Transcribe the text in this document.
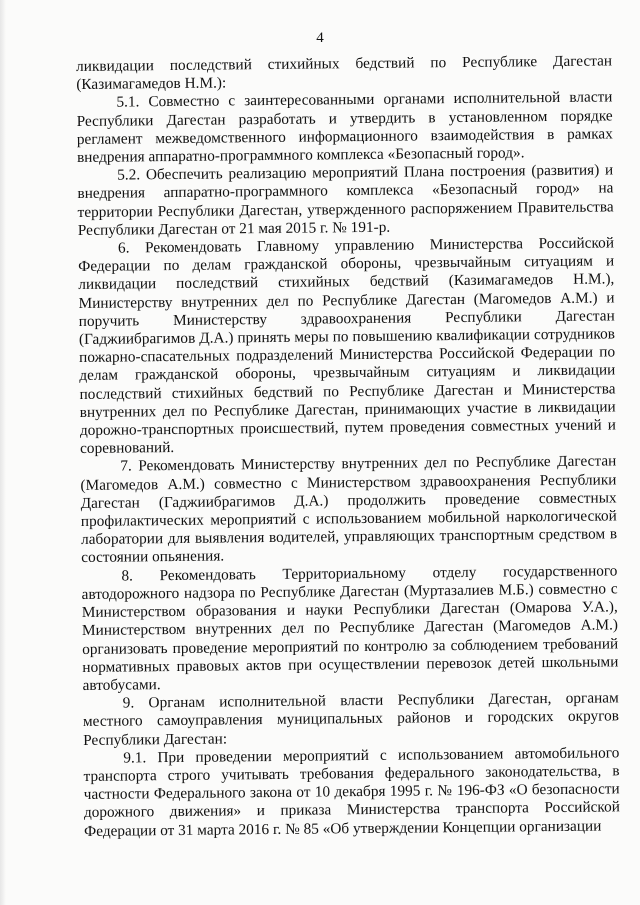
4

ликвидации последствий стихийных бедствий по Республике Дагестан (Казимагамедов Н.М.):

5.1. Совместно с заинтересованными органами исполнительной власти Республики Дагестан разработать и утвердить в установленном порядке регламент межведомственного информационного взаимодействия в рамках внедрения аппаратно-программного комплекса «Безопасный город».

5.2. Обеспечить реализацию мероприятий Плана построения (развития) и внедрения аппаратно-программного комплекса «Безопасный город» на территории Республики Дагестан, утвержденного распоряжением Правительства Республики Дагестан от 21 мая 2015 г. № 191-р.

6. Рекомендовать Главному управлению Министерства Российской Федерации по делам гражданской обороны, чрезвычайным ситуациям и ликвидации последствий стихийных бедствий (Казимагамедов Н.М.), Министерству внутренних дел по Республике Дагестан (Магомедов А.М.) и поручить Министерству здравоохранения Республики Дагестан (Гаджиибрагимов Д.А.) принять меры по повышению квалификации сотрудников пожарно-спасательных подразделений Министерства Российской Федерации по делам гражданской обороны, чрезвычайным ситуациям и ликвидации последствий стихийных бедствий по Республике Дагестан и Министерства внутренних дел по Республике Дагестан, принимающих участие в ликвидации дорожно-транспортных происшествий, путем проведения совместных учений и соревнований.

7. Рекомендовать Министерству внутренних дел по Республике Дагестан (Магомедов А.М.) совместно с Министерством здравоохранения Республики Дагестан (Гаджиибрагимов Д.А.) продолжить проведение совместных профилактических мероприятий с использованием мобильной наркологической лаборатории для выявления водителей, управляющих транспортным средством в состоянии опьянения.

8. Рекомендовать Территориальному отделу государственного автодорожного надзора по Республике Дагестан (Муртазалиев М.Б.) совместно с Министерством образования и науки Республики Дагестан (Омарова У.А.), Министерством внутренних дел по Республике Дагестан (Магомедов А.М.) организовать проведение мероприятий по контролю за соблюдением требований нормативных правовых актов при осуществлении перевозок детей школьными автобусами.

9. Органам исполнительной власти Республики Дагестан, органам местного самоуправления муниципальных районов и городских округов Республики Дагестан:

9.1. При проведении мероприятий с использованием автомобильного транспорта строго учитывать требования федерального законодательства, в частности Федерального закона от 10 декабря 1995 г. № 196-ФЗ «О безопасности дорожного движения» и приказа Министерства транспорта Российской Федерации от 31 марта 2016 г. № 85 «Об утверждении Концепции организации
